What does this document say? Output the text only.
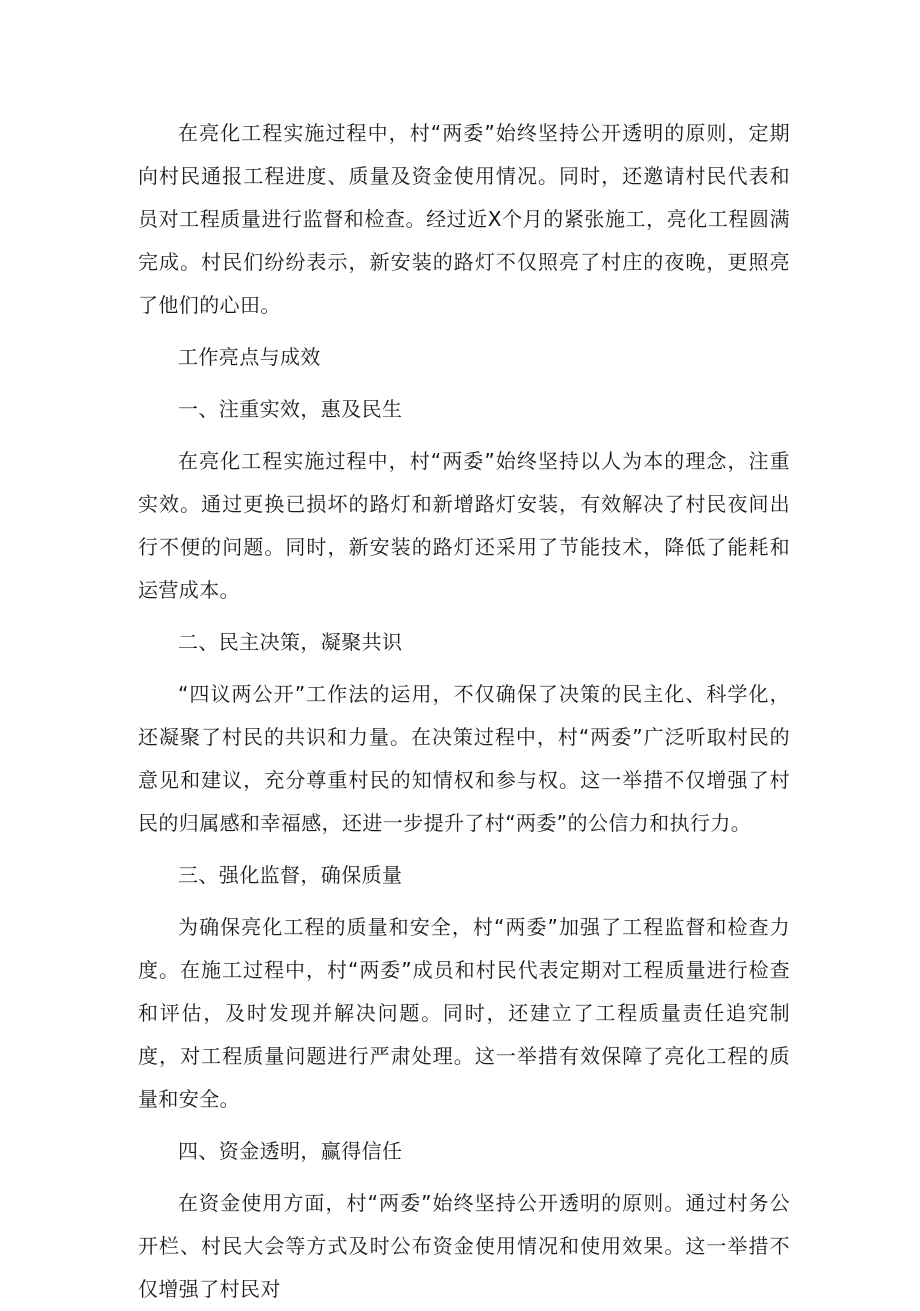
在亮化工程实施过程中，村“两委”始终坚持公开透明的原则，定期向村民通报工程进度、质量及资金使用情况。同时，还邀请村民代表和员对工程质量进行监督和检查。经过近X个月的紧张施工，亮化工程圆满完成。村民们纷纷表示，新安装的路灯不仅照亮了村庄的夜晚，更照亮了他们的心田。

工作亮点与成效

一、注重实效，惠及民生

在亮化工程实施过程中，村“两委”始终坚持以人为本的理念，注重实效。通过更换已损坏的路灯和新增路灯安装，有效解决了村民夜间出行不便的问题。同时，新安装的路灯还采用了节能技术，降低了能耗和运营成本。

二、民主决策，凝聚共识

“四议两公开”工作法的运用，不仅确保了决策的民主化、科学化，还凝聚了村民的共识和力量。在决策过程中，村“两委”广泛听取村民的意见和建议，充分尊重村民的知情权和参与权。这一举措不仅增强了村民的归属感和幸福感，还进一步提升了村“两委”的公信力和执行力。

三、强化监督，确保质量

为确保亮化工程的质量和安全，村“两委”加强了工程监督和检查力度。在施工过程中，村“两委”成员和村民代表定期对工程质量进行检查和评估，及时发现并解决问题。同时，还建立了工程质量责任追究制度，对工程质量问题进行严肃处理。这一举措有效保障了亮化工程的质量和安全。

四、资金透明，赢得信任

在资金使用方面，村“两委”始终坚持公开透明的原则。通过村务公开栏、村民大会等方式及时公布资金使用情况和使用效果。这一举措不仅增强了村民对
